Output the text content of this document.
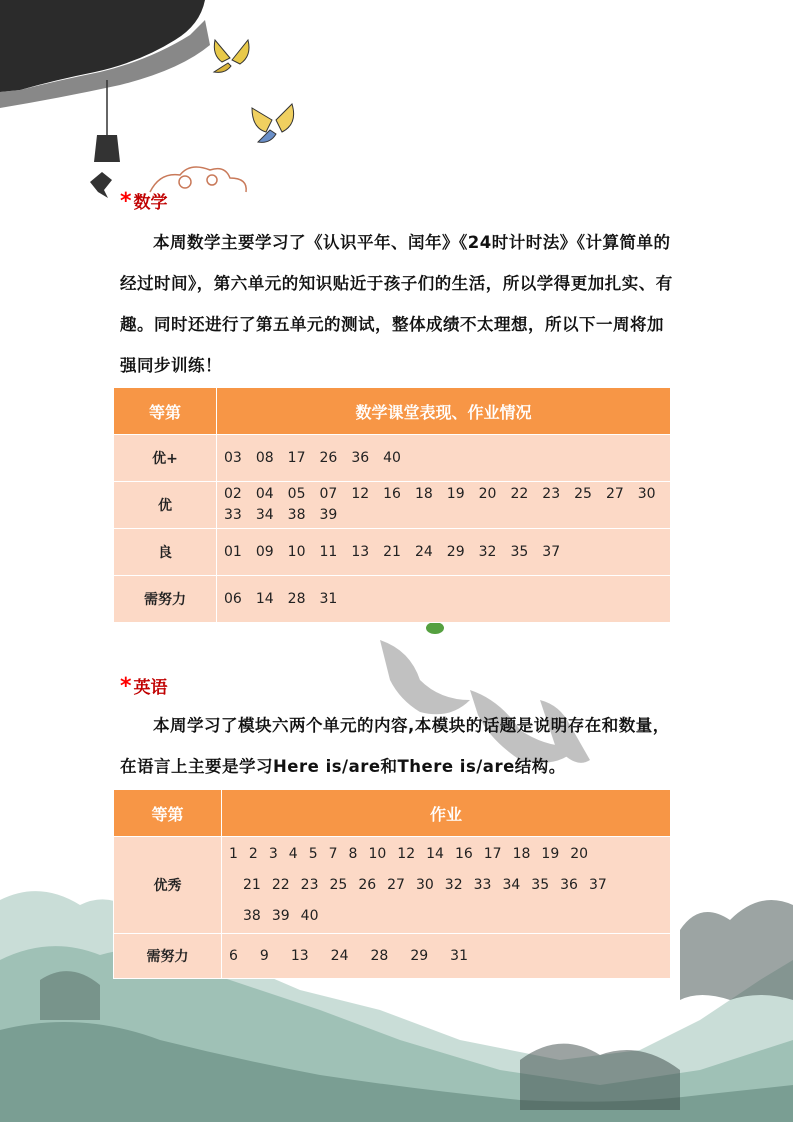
* 数学
本周数学主要学习了《认识平年、闰年》《24时计时法》《计算简单的经过时间》，第六单元的知识贴近于孩子们的生活，所以学得更加扎实、有趣。同时还进行了第五单元的测试，整体成绩不太理想，所以下一周将加强同步训练！
等第	数学课堂表现、作业情况
优+	03 08 17 26 36 40
优	02 04 05 07 12 16 18 19 20 22 23 25 27 3033 34 38 39
良	01 09 10 11 13 21 24 29 32 35 37
需努力	06 14 28 31
* 英语
本周学习了模块六两个单元的内容,本模块的话题是说明存在和数量，在语言上主要是学习Here is/are和There is/are结构。
等第	作业
优秀	1 2 3 4 5 7 8 10 12 14 16 17 18 19 20
21 22 23 25 26 27 30 32 33 34 35 36 37
38 39 40

需努力	6 9 13 24 28 29 31
